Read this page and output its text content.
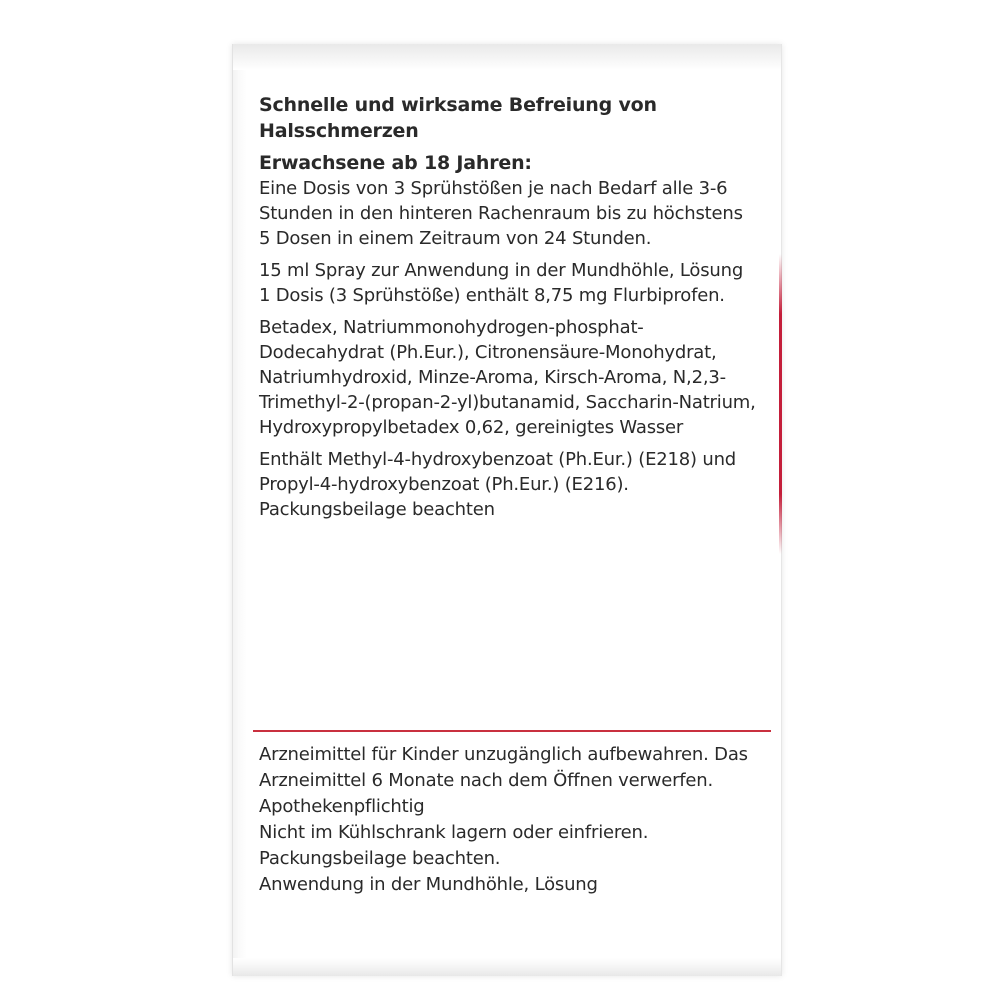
Schnelle und wirksame Befreiung von Halsschmerzen

Erwachsene ab 18 Jahren:

Eine Dosis von 3 Sprühstößen je nach Bedarf alle 3-6 Stunden in den hinteren Rachenraum bis zu höchstens 5 Dosen in einem Zeitraum von 24 Stunden.

15 ml Spray zur Anwendung in der Mundhöhle, Lösung

1 Dosis (3 Sprühstöße) enthält 8,75 mg Flurbiprofen.

Betadex, Natriummonohydrogen-phosphat-Dodecahydrat (Ph.Eur.), Citronensäure-Monohydrat, Natriumhydroxid, Minze-Aroma, Kirsch-Aroma, N,2,3-Trimethyl-2-(propan-2-yl)butanamid, Saccharin-Natrium, Hydroxypropylbetadex 0,62, gereinigtes Wasser

Enthält Methyl-4-hydroxybenzoat (Ph.Eur.) (E218) und Propyl-4-hydroxybenzoat (Ph.Eur.) (E216). Packungsbeilage beachten

Arzneimittel für Kinder unzugänglich aufbewahren. Das Arzneimittel 6 Monate nach dem Öffnen verwerfen.

Apothekenpflichtig

Nicht im Kühlschrank lagern oder einfrieren.

Packungsbeilage beachten.

Anwendung in der Mundhöhle, Lösung
